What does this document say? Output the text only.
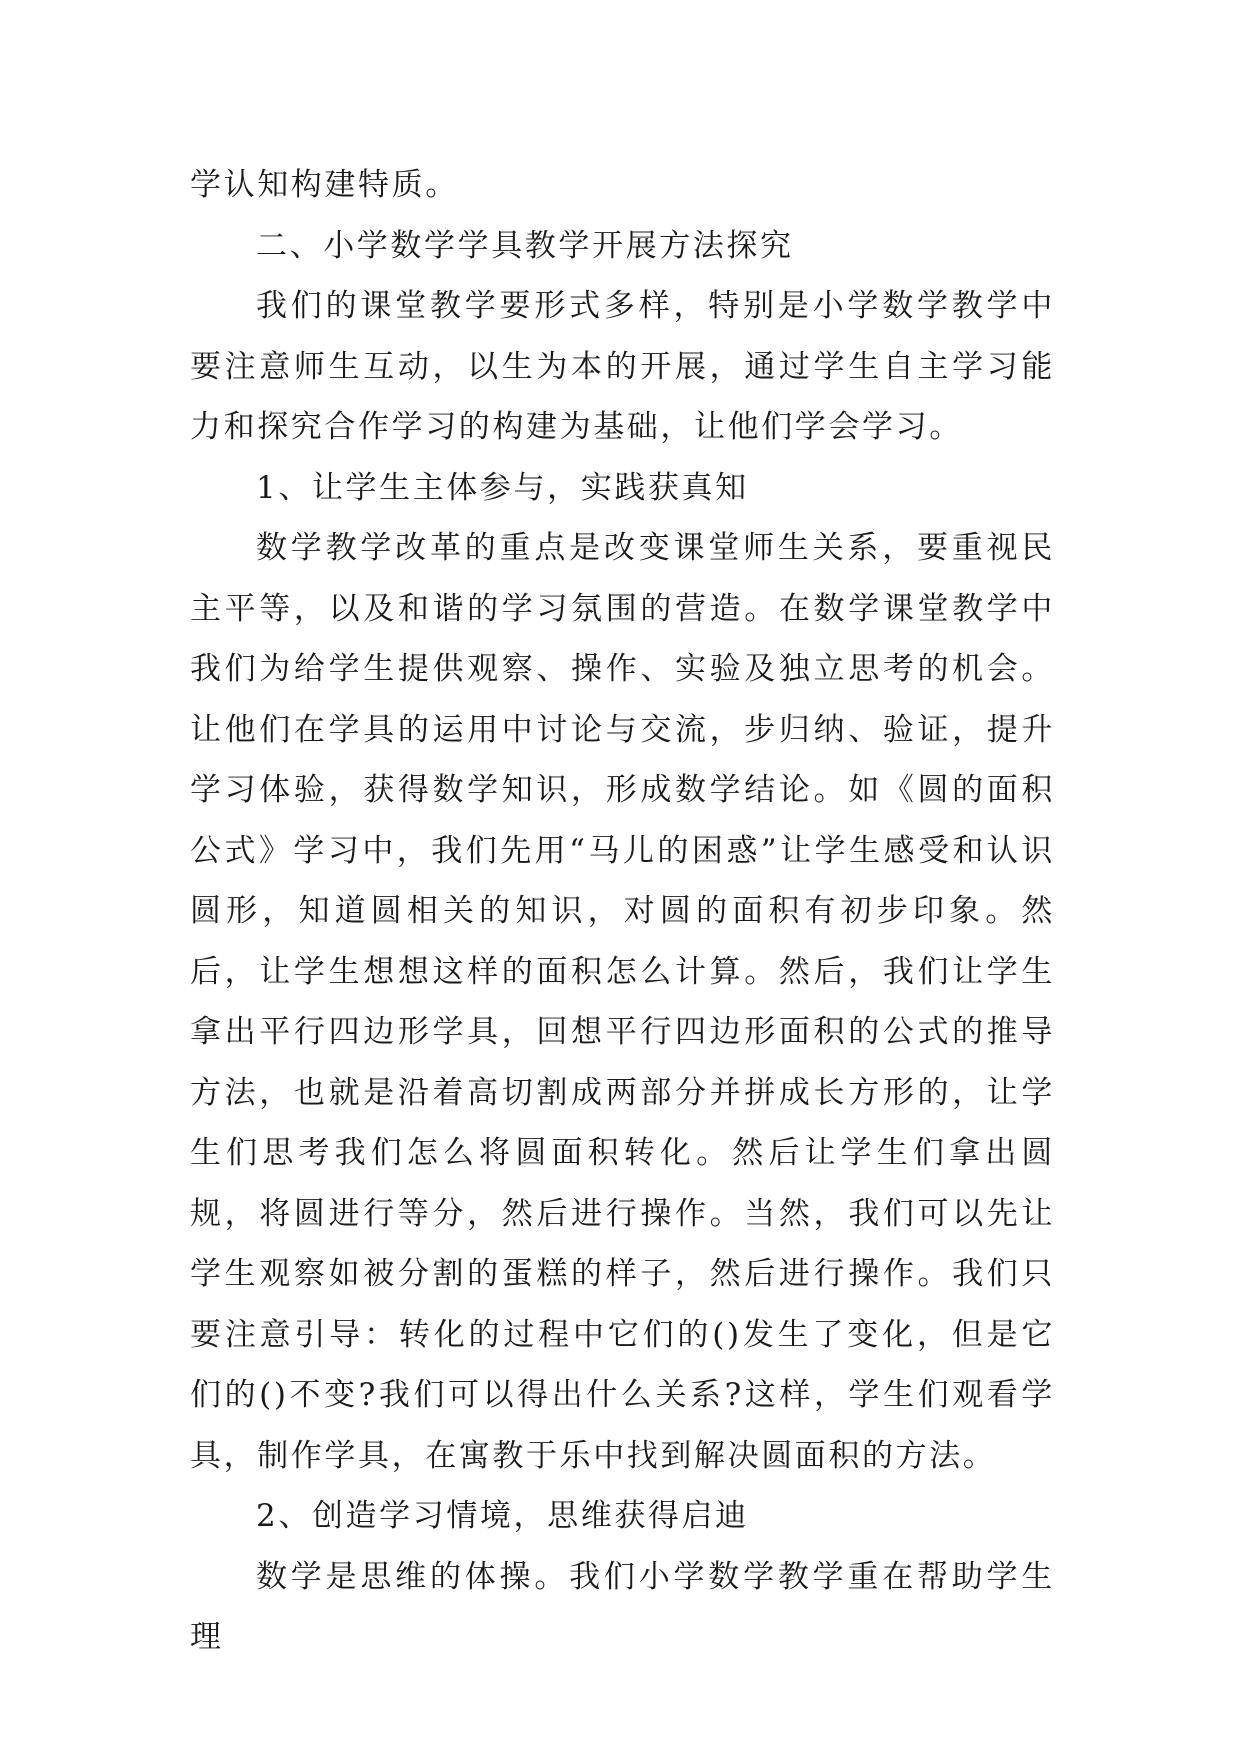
学认知构建特质。

二、小学数学学具教学开展方法探究

我们的课堂教学要形式多样，特别是小学数学教学中要注意师生互动，以生为本的开展，通过学生自主学习能力和探究合作学习的构建为基础，让他们学会学习。

1、让学生主体参与，实践获真知

数学教学改革的重点是改变课堂师生关系，要重视民主平等，以及和谐的学习氛围的营造。在数学课堂教学中我们为给学生提供观察、操作、实验及独立思考的机会。让他们在学具的运用中讨论与交流，步归纳、验证，提升学习体验，获得数学知识，形成数学结论。如《圆的面积公式》学习中，我们先用“马儿的困惑”让学生感受和认识圆形，知道圆相关的知识，对圆的面积有初步印象。然后，让学生想想这样的面积怎么计算。然后，我们让学生拿出平行四边形学具，回想平行四边形面积的公式的推导方法，也就是沿着高切割成两部分并拼成长方形的，让学生们思考我们怎么将圆面积转化。然后让学生们拿出圆规，将圆进行等分，然后进行操作。当然，我们可以先让学生观察如被分割的蛋糕的样子，然后进行操作。我们只要注意引导：转化的过程中它们的()发生了变化，但是它们的()不变?我们可以得出什么关系?这样，学生们观看学具，制作学具，在寓教于乐中找到解决圆面积的方法。

2、创造学习情境，思维获得启迪

数学是思维的体操。我们小学数学教学重在帮助学生理
